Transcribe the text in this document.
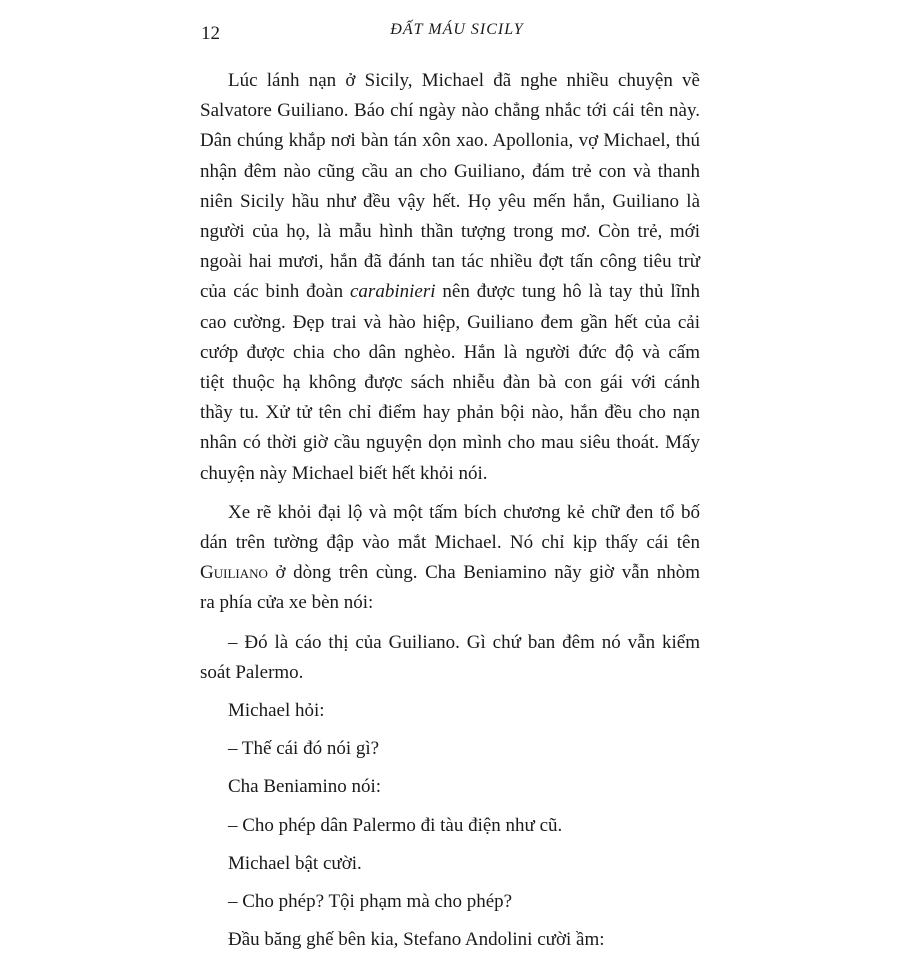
12	ĐẤT MÁU SICILY
Lúc lánh nạn ở Sicily, Michael đã nghe nhiều chuyện về
Salvatore Guiliano. Báo chí ngày nào chẳng nhắc tới cái tên này.
Dân chúng khắp nơi bàn tán xôn xao. Apollonia, vợ Michael, thú
nhận đêm nào cũng cầu an cho Guiliano, đám trẻ con và thanh
niên Sicily hầu như đều vậy hết. Họ yêu mến hắn, Guiliano là
người của họ, là mẫu hình thần tượng trong mơ. Còn trẻ, mới
ngoài hai mươi, hắn đã đánh tan tác nhiều đợt tấn công tiêu trừ
của các binh đoàn carabinieri nên được tung hô là tay thủ lĩnh
cao cường. Đẹp trai và hào hiệp, Guiliano đem gần hết của cải
cướp được chia cho dân nghèo. Hắn là người đức độ và cấm
tiệt thuộc hạ không được sách nhiễu đàn bà con gái với cánh
thầy tu. Xử tử tên chỉ điểm hay phản bội nào, hắn đều cho nạn
nhân có thời giờ cầu nguyện dọn mình cho mau siêu thoát. Mấy
chuyện này Michael biết hết khỏi nói.
Xe rẽ khỏi đại lộ và một tấm bích chương kẻ chữ đen tổ bố
dán trên tường đập vào mắt Michael. Nó chỉ kịp thấy cái tên
Guiliano ở dòng trên cùng. Cha Beniamino nãy giờ vẫn nhòm
ra phía cửa xe bèn nói:
– Đó là cáo thị của Guiliano. Gì chứ ban đêm nó vẫn kiểm
soát Palermo.
Michael hỏi:
– Thế cái đó nói gì?
Cha Beniamino nói:
– Cho phép dân Palermo đi tàu điện như cũ.
Michael bật cười.
– Cho phép? Tội phạm mà cho phép?
Đầu băng ghế bên kia, Stefano Andolini cười ầm:
